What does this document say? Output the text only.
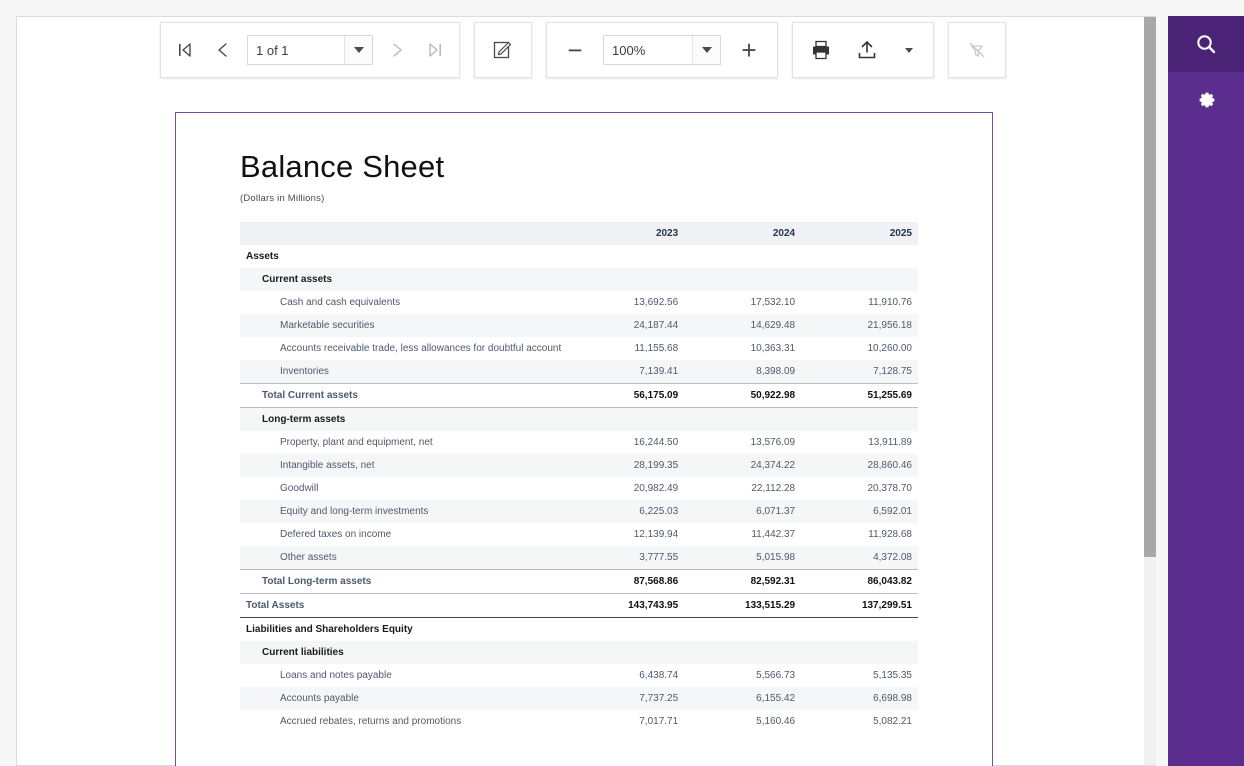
1 of 1
−
100%	+
Balance Sheet
(Dollars in Millions)
	2023	2024	2025
Assets			
Current assets			
Cash and cash equivalents	13,692.56	17,532.10	11,910.76
Marketable securities	24,187.44	14,629.48	21,956.18
Accounts receivable trade, less allowances for doubtful account	11,155.68	10,363.31	10,260.00
Inventories	7,139.41	8,398.09	7,128.75
Total Current assets	56,175.09	50,922.98	51,255.69
Long-term assets			
Property, plant and equipment, net	16,244.50	13,576.09	13,911.89
Intangible assets, net	28,199.35	24,374.22	28,860.46
Goodwill	20,982.49	22,112.28	20,378.70
Equity and long-term investments	6,225.03	6,071.37	6,592.01
Defered taxes on income	12,139.94	11,442.37	11,928.68
Other assets	3,777.55	5,015.98	4,372.08
Total Long-term assets	87,568.86	82,592.31	86,043.82
Total Assets	143,743.95	133,515.29	137,299.51
Liabilities and Shareholders Equity			
Current liabilities			
Loans and notes payable	6,438.74	5,566.73	5,135.35
Accounts payable	7,737.25	6,155.42	6,698.98
Accrued rebates, returns and promotions	7,017.71	5,160.46	5,082.21
